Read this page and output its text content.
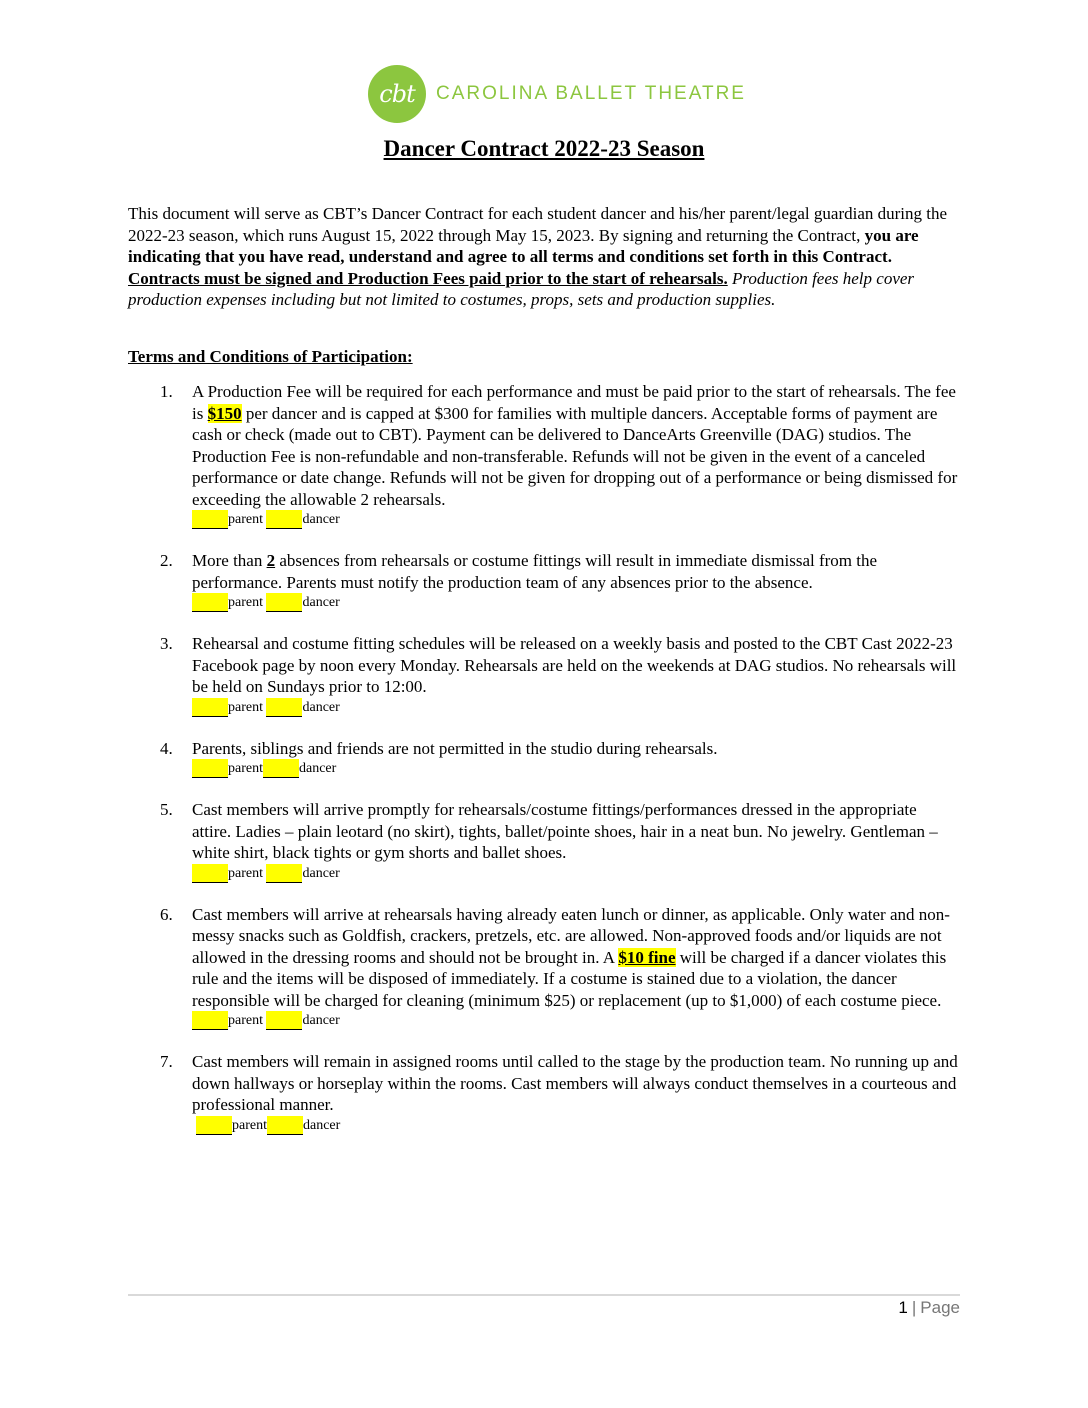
cbt	CAROLINA BALLET THEATRE
Dancer Contract 2022-23 Season
This document will serve as CBT’s Dancer Contract for each student dancer and his/her parent/legal guardian during the 2022-23 season, which runs August 15, 2022 through May 15, 2023. By signing and returning the Contract, you are indicating that you have read, understand and agree to all terms and conditions set forth in this Contract.  Contracts must be signed and Production Fees paid prior to the start of rehearsals. Production fees help cover production expenses including but not limited to costumes, props, sets and production supplies.
Terms and Conditions of Participation:
1. A Production Fee will be required for each performance and must be paid prior to the start of rehearsals. The fee is $150 per dancer and is capped at $300 for families with multiple dancers. Acceptable forms of payment are cash or check (made out to CBT). Payment can be delivered to DanceArts Greenville (DAG) studios. The Production Fee is non-refundable and non-transferable. Refunds will not be given in the event of a canceled performance or date change. Refunds will not be given for dropping out of a performance or being dismissed for exceeding the allowable 2 rehearsals.
parent	dancer
2. More than 2 absences from rehearsals or costume fittings will result in immediate dismissal from the performance. Parents must notify the production team of any absences prior to the absence.
parent	dancer
3. Rehearsal and costume fitting schedules will be released on a weekly basis and posted to the CBT Cast 2022-23 Facebook page by noon every Monday. Rehearsals are held on the weekends at DAG studios. No rehearsals will be held on Sundays prior to 12:00.
parent	dancer
4. Parents, siblings and friends are not permitted in the studio during rehearsals.
parent	dancer
5. Cast members will arrive promptly for rehearsals/costume fittings/performances dressed in the appropriate attire. Ladies – plain leotard (no skirt), tights, ballet/pointe shoes, hair in a neat bun. No jewelry. Gentleman – white shirt, black tights or gym shorts and ballet shoes.
parent	dancer
6. Cast members will arrive at rehearsals having already eaten lunch or dinner, as applicable. Only water and non-messy snacks such as Goldfish, crackers, pretzels, etc. are allowed. Non-approved foods and/or liquids are not allowed in the dressing rooms and should not be brought in. A $10 fine will be charged if a dancer violates this rule and the items will be disposed of immediately. If a costume is stained due to a violation, the dancer responsible will be charged for cleaning (minimum $25) or replacement (up to $1,000) of each costume piece.
parent	dancer
7. Cast members will remain in assigned rooms until called to the stage by the production team. No running up and down hallways or horseplay within the rooms. Cast members will always conduct themselves in a courteous and professional manner.
parent	dancer
1 | Page
